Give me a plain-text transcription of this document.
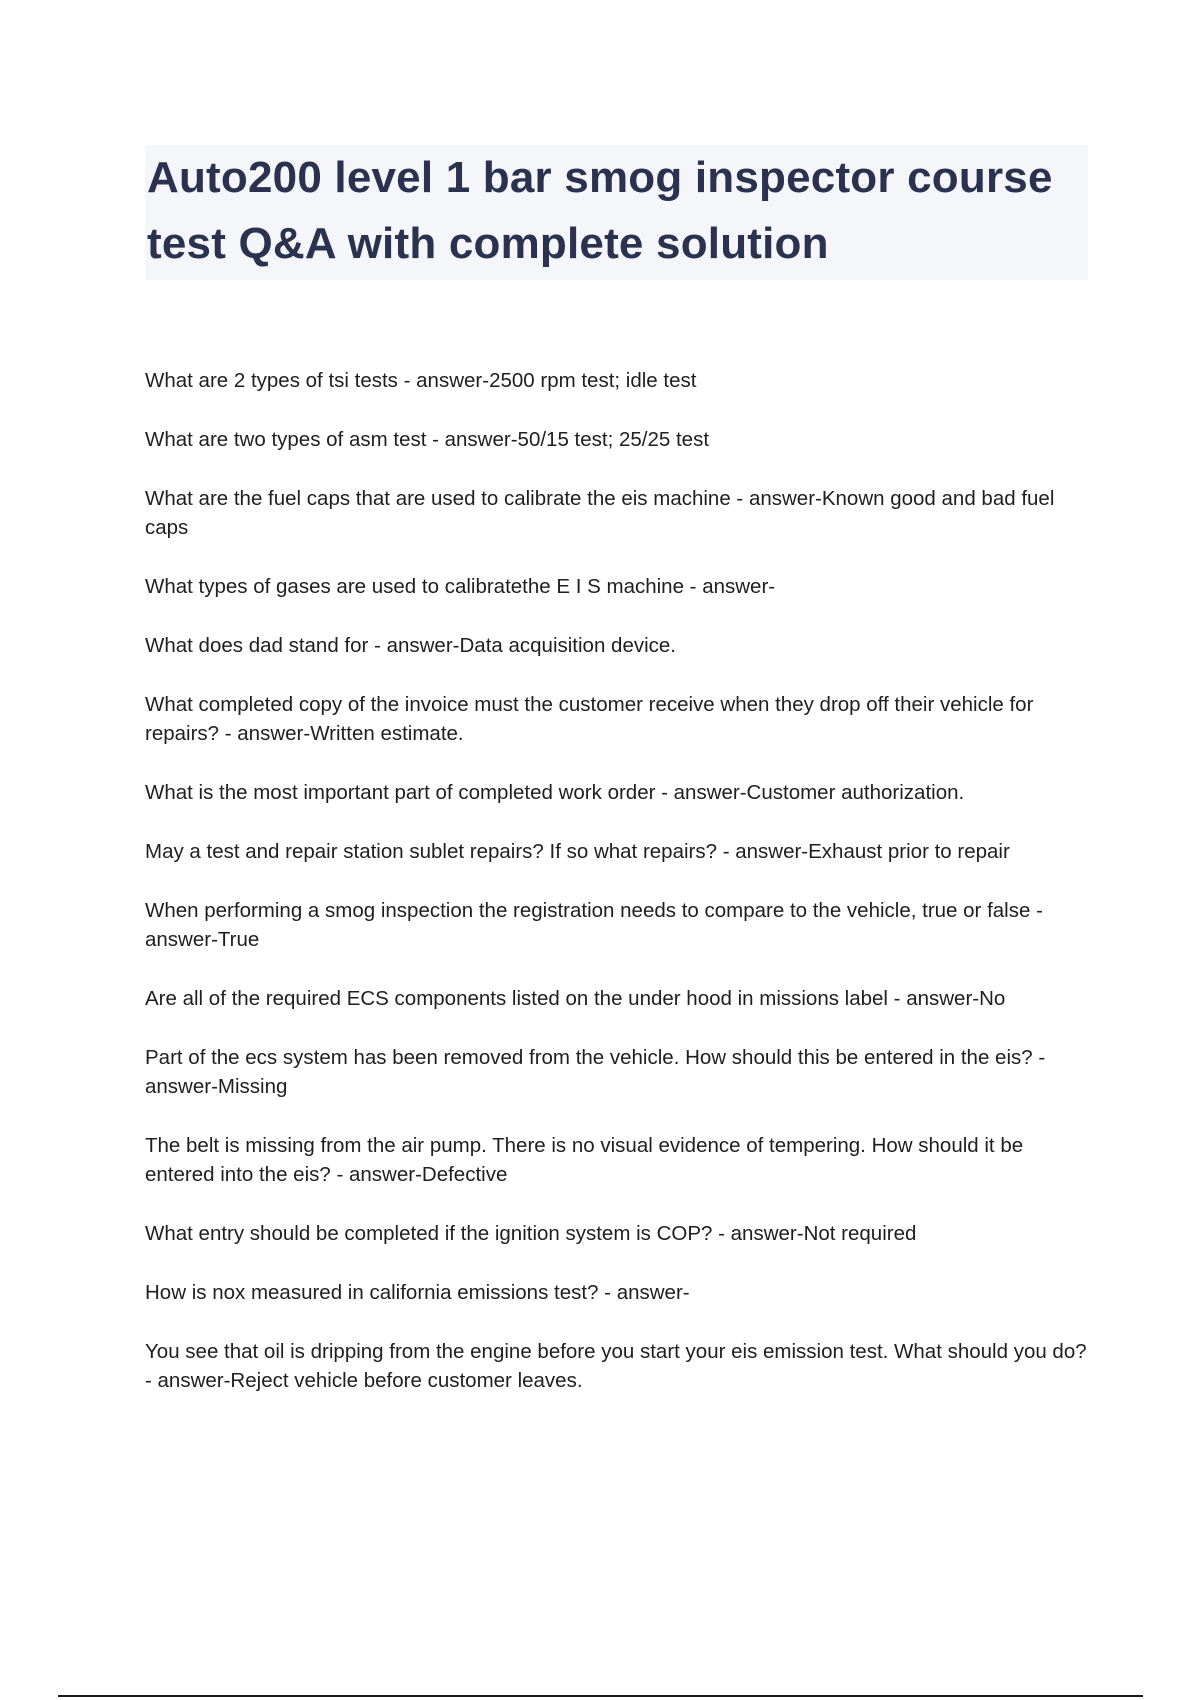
Auto200 level 1 bar smog inspector course test Q&A with complete solution
What are 2 types of tsi tests - answer-2500 rpm test; idle test
What are two types of asm test - answer-50/15 test; 25/25 test
What are the fuel caps that are used to calibrate the eis machine - answer-Known good and bad fuel caps
What types of gases are used to calibratethe E I S machine - answer-
What does dad stand for - answer-Data acquisition device.
What completed copy of the invoice must the customer receive when they drop off their vehicle for repairs? - answer-Written estimate.
What is the most important part of completed work order - answer-Customer authorization.
May a test and repair station sublet repairs? If so what repairs? - answer-Exhaust prior to repair
When performing a smog inspection the registration needs to compare to the vehicle, true or false - answer-True
Are all of the required ECS components listed on the under hood in missions label - answer-No
Part of the ecs system has been removed from the vehicle. How should this be entered in the eis? - answer-Missing
The belt is missing from the air pump. There is no visual evidence of tempering. How should it be entered into the eis? - answer-Defective
What entry should be completed if the ignition system is COP? - answer-Not required
How is nox measured in california emissions test? - answer-
You see that oil is dripping from the engine before you start your eis emission test. What should you do? - answer-Reject vehicle before customer leaves.
